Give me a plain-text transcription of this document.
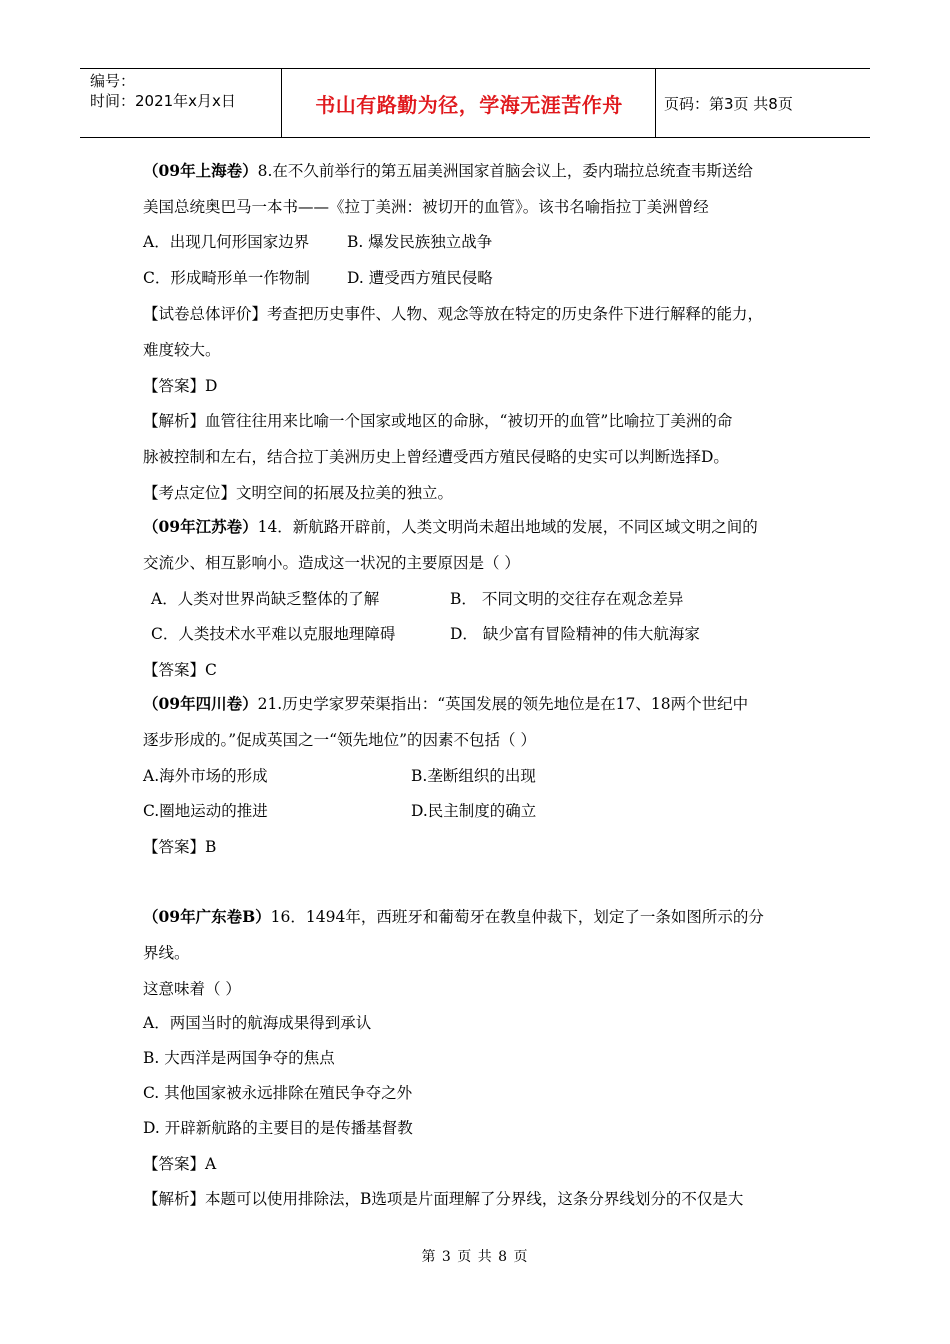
编号：
时间：2021年x月x日	书山有路勤为径，学海无涯苦作舟	页码：第3页 共8页
（09年上海卷）8.在不久前举行的第五届美洲国家首脑会议上，委内瑞拉总统查韦斯送给
美国总统奥巴马一本书——《拉丁美洲：被切开的血管》。该书名喻指拉丁美洲曾经
A．出现几何形国家边界 B. 爆发民族独立战争
C．形成畸形单一作物制 D. 遭受西方殖民侵略
【试卷总体评价】考查把历史事件、人物、观念等放在特定的历史条件下进行解释的能力，
难度较大。
【答案】D
【解析】血管往往用来比喻一个国家或地区的命脉，“被切开的血管”比喻拉丁美洲的命
脉被控制和左右，结合拉丁美洲历史上曾经遭受西方殖民侵略的史实可以判断选择D。
【考点定位】文明空间的拓展及拉美的独立。
（09年江苏卷）14．新航路开辟前，人类文明尚未超出地域的发展，不同区域文明之间的
交流少、相互影响小。造成这一状况的主要原因是（ ）
A．人类对世界尚缺乏整体的了解	B． 不同文明的交往存在观念差异
C．人类技术水平难以克服地理障碍	D． 缺少富有冒险精神的伟大航海家
【答案】C
（09年四川卷）21.历史学家罗荣渠指出：“英国发展的领先地位是在17、18两个世纪中
逐步形成的。”促成英国之一“领先地位”的因素不包括（ ）
A.海外市场的形成	B.垄断组织的出现
C.圈地运动的推进	D.民主制度的确立
【答案】B
（09年广东卷B）16．1494年，西班牙和葡萄牙在教皇仲裁下，划定了一条如图所示的分
界线。
这意味着（ ）
A．两国当时的航海成果得到承认
B. 大西洋是两国争夺的焦点
C. 其他国家被永远排除在殖民争夺之外
D. 开辟新航路的主要目的是传播基督教
【答案】A
【解析】本题可以使用排除法，B选项是片面理解了分界线，这条分界线划分的不仅是大
第 3 页 共 8 页
